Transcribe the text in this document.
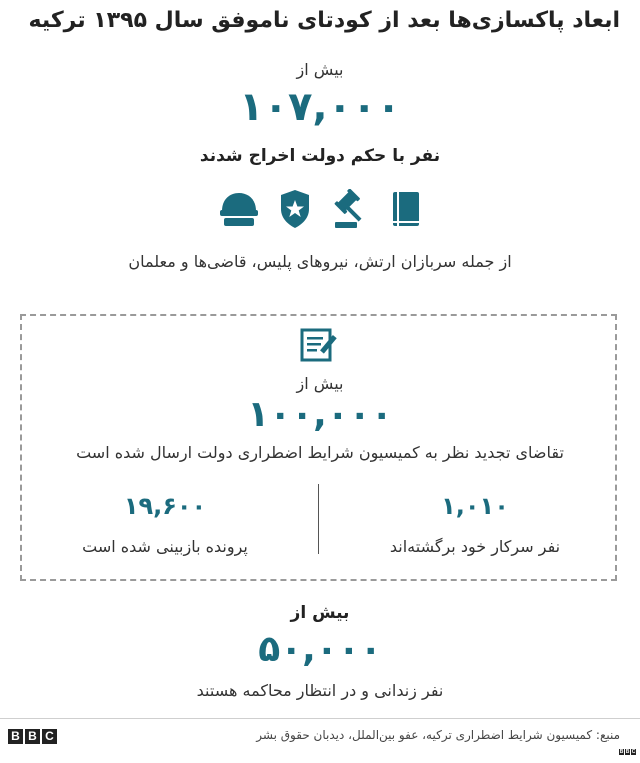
ابعاد پاکسازی‌ها بعد از کودتای ناموفق سال ۱۳۹۵ ترکیه
بیش از
۱۰۷,۰۰۰
نفر با حکم دولت اخراج شدند
از جمله سربازان ارتش، نیروهای پلیس، قاضی‌ها و معلمان
بیش از
۱۰۰,۰۰۰
تقاضای تجدید نظر به کمیسیون شرایط اضطراری دولت ارسال شده است
۱,۰۱۰
نفر سرکار خود برگشته‌اند
۱۹,۶۰۰
پرونده بازبینی شده است
بیش از
۵۰,۰۰۰
نفر زندانی و در انتظار محاکمه هستند
B B C	منبع: کمیسیون شرایط اضطراری ترکیه، عفو بین‌الملل، دیدبان حقوق بشر
B B C
